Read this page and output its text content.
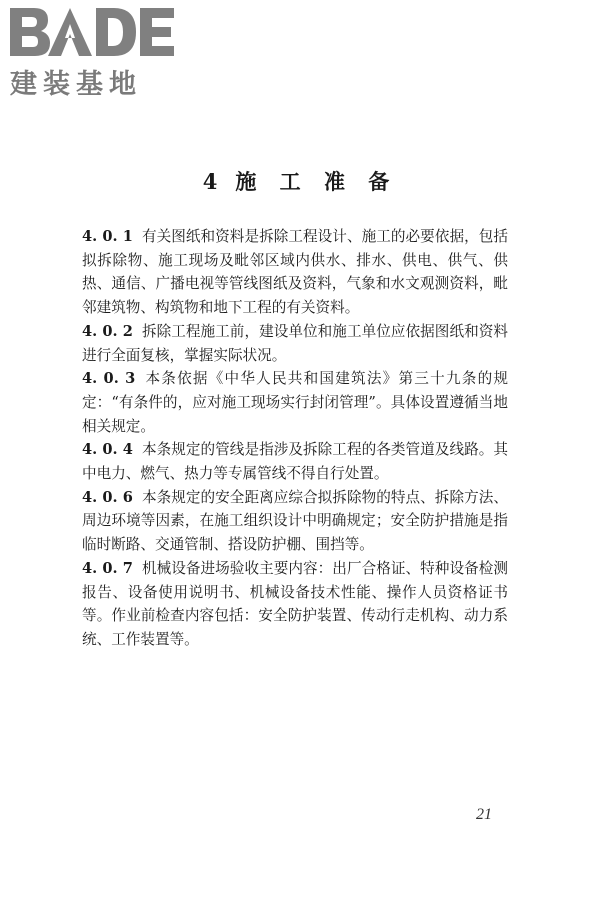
建装基地
4 施 工 准 备

4. 0. 1 有关图纸和资料是拆除工程设计、施工的必要依据，包括拟拆除物、施工现场及毗邻区域内供水、排水、供电、供气、供热、通信、广播电视等管线图纸及资料，气象和水文观测资料，毗邻建筑物、构筑物和地下工程的有关资料。

4. 0. 2 拆除工程施工前，建设单位和施工单位应依据图纸和资料进行全面复核，掌握实际状况。

4. 0. 3 本条依据《中华人民共和国建筑法》第三十九条的规定：“有条件的，应对施工现场实行封闭管理”。具体设置遵循当地相关规定。

4. 0. 4 本条规定的管线是指涉及拆除工程的各类管道及线路。其中电力、燃气、热力等专属管线不得自行处置。

4. 0. 6 本条规定的安全距离应综合拟拆除物的特点、拆除方法、周边环境等因素，在施工组织设计中明确规定；安全防护措施是指临时断路、交通管制、搭设防护棚、围挡等。

4. 0. 7 机械设备进场验收主要内容：出厂合格证、特种设备检测报告、设备使用说明书、机械设备技术性能、操作人员资格证书等。作业前检查内容包括：安全防护装置、传动行走机构、动力系统、工作装置等。

21
